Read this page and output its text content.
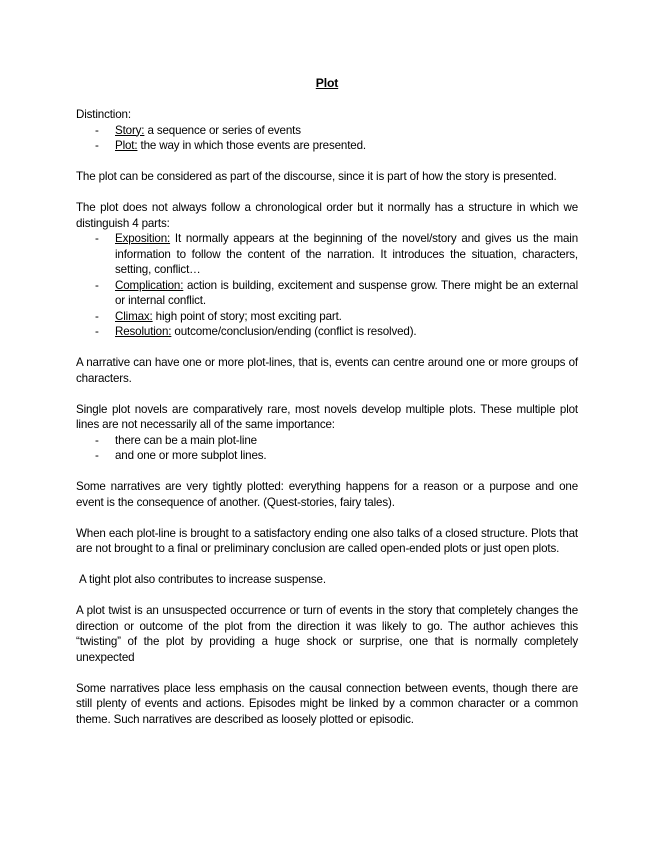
Plot

Distinction:

- Story: a sequence or series of events
- Plot: the way in which those events are presented.

The plot can be considered as part of the discourse, since it is part of how the story is presented.

The plot does not always follow a chronological order but it normally has a structure in which we distinguish 4 parts:

- Exposition: It normally appears at the beginning of the novel/story and gives us the main information to follow the content of the narration. It introduces the situation, characters, setting, conflict…
- Complication: action is building, excitement and suspense grow. There might be an external or internal conflict.
- Climax: high point of story; most exciting part.
- Resolution: outcome/conclusion/ending (conflict is resolved).

A narrative can have one or more plot-lines, that is, events can centre around one or more groups of characters.

Single plot novels are comparatively rare, most novels develop multiple plots. These multiple plot lines are not necessarily all of the same importance:

- there can be a main plot-line
- and one or more subplot lines.

Some narratives are very tightly plotted: everything happens for a reason or a purpose and one event is the consequence of another. (Quest-stories, fairy tales).

When each plot-line is brought to a satisfactory ending one also talks of a closed structure. Plots that are not brought to a final or preliminary conclusion are called open-ended plots or just open plots.

A tight plot also contributes to increase suspense.

A plot twist is an unsuspected occurrence or turn of events in the story that completely changes the direction or outcome of the plot from the direction it was likely to go. The author achieves this “twisting” of the plot by providing a huge shock or surprise, one that is normally completely unexpected

Some narratives place less emphasis on the causal connection between events, though there are still plenty of events and actions. Episodes might be linked by a common character or a common theme. Such narratives are described as loosely plotted or episodic.
